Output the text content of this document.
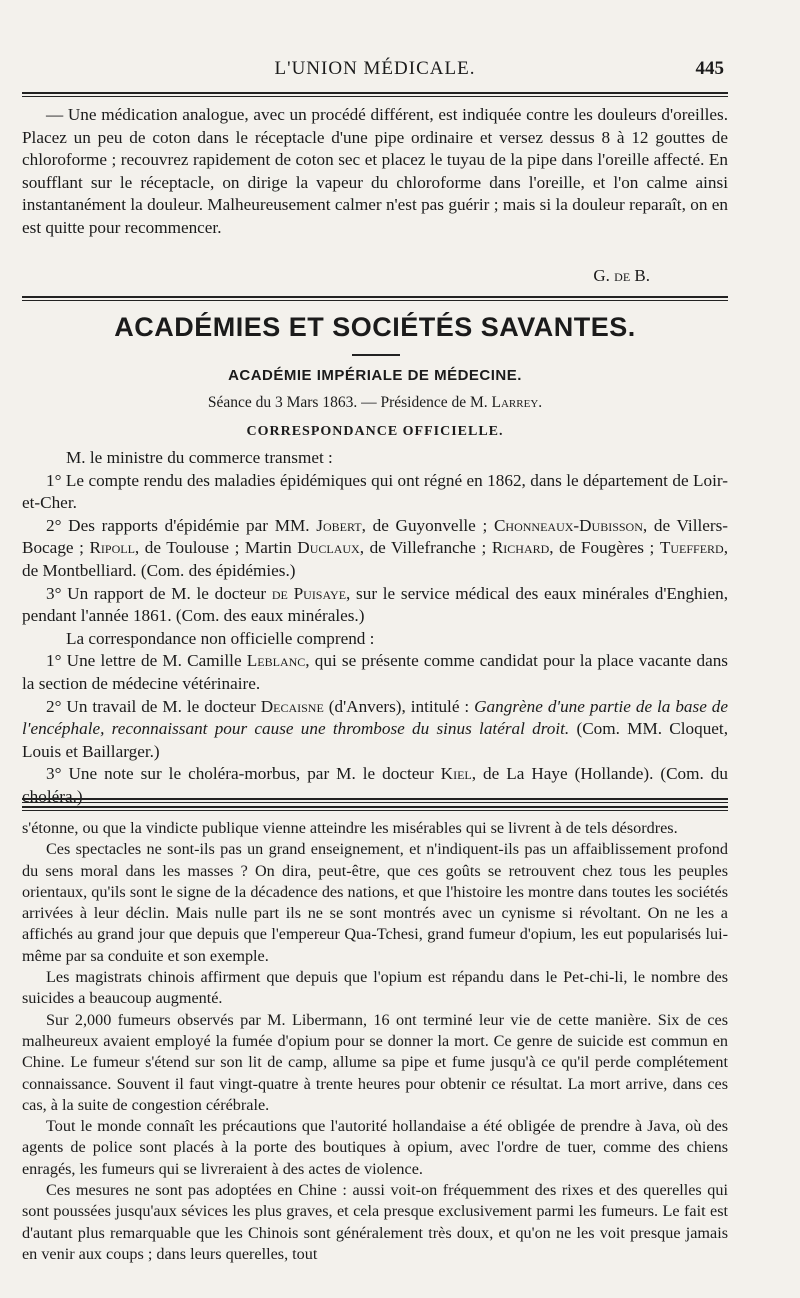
L'UNION MÉDICALE.	445

— Une médication analogue, avec un procédé différent, est indiquée contre les douleurs d'oreilles. Placez un peu de coton dans le réceptacle d'une pipe ordinaire et versez dessus 8 à 12 gouttes de chloroforme ; recouvrez rapidement de coton sec et placez le tuyau de la pipe dans l'oreille affecté. En soufflant sur le réceptacle, on dirige la vapeur du chloroforme dans l'oreille, et l'on calme ainsi instantanément la douleur. Malheureusement calmer n'est pas guérir ; mais si la douleur reparaît, on en est quitte pour recommencer.

G. de B.
ACADÉMIES ET SOCIÉTÉS SAVANTES.
ACADÉMIE IMPÉRIALE DE MÉDECINE.
Séance du 3 Mars 1863. — Présidence de M. Larrey.
CORRESPONDANCE OFFICIELLE.

M. le ministre du commerce transmet :

1° Le compte rendu des maladies épidémiques qui ont régné en 1862, dans le département de Loir-et-Cher.

2° Des rapports d'épidémie par MM. Jobert, de Guyonvelle ; Chonneaux-Dubisson, de Villers-Bocage ; Ripoll, de Toulouse ; Martin Duclaux, de Villefranche ; Richard, de Fougères ; Tuefferd, de Montbelliard. (Com. des épidémies.)

3° Un rapport de M. le docteur de Puisaye, sur le service médical des eaux minérales d'Enghien, pendant l'année 1861. (Com. des eaux minérales.)

La correspondance non officielle comprend :

1° Une lettre de M. Camille Leblanc, qui se présente comme candidat pour la place vacante dans la section de médecine vétérinaire.

2° Un travail de M. le docteur Decaisne (d'Anvers), intitulé : Gangrène d'une partie de la base de l'encéphale, reconnaissant pour cause une thrombose du sinus latéral droit. (Com. MM. Cloquet, Louis et Baillarger.)

3° Une note sur le choléra-morbus, par M. le docteur Kiel, de La Haye (Hollande). (Com. du choléra.)

s'étonne, ou que la vindicte publique vienne atteindre les misérables qui se livrent à de tels désordres.

Ces spectacles ne sont-ils pas un grand enseignement, et n'indiquent-ils pas un affaiblissement profond du sens moral dans les masses ? On dira, peut-être, que ces goûts se retrouvent chez tous les peuples orientaux, qu'ils sont le signe de la décadence des nations, et que l'histoire les montre dans toutes les sociétés arrivées à leur déclin. Mais nulle part ils ne se sont montrés avec un cynisme si révoltant. On ne les a affichés au grand jour que depuis que l'empereur Qua-Tchesi, grand fumeur d'opium, les eut popularisés lui-même par sa conduite et son exemple.

Les magistrats chinois affirment que depuis que l'opium est répandu dans le Pet-chi-li, le nombre des suicides a beaucoup augmenté.

Sur 2,000 fumeurs observés par M. Libermann, 16 ont terminé leur vie de cette manière. Six de ces malheureux avaient employé la fumée d'opium pour se donner la mort. Ce genre de suicide est commun en Chine. Le fumeur s'étend sur son lit de camp, allume sa pipe et fume jusqu'à ce qu'il perde complétement connaissance. Souvent il faut vingt-quatre à trente heures pour obtenir ce résultat. La mort arrive, dans ces cas, à la suite de congestion cérébrale.

Tout le monde connaît les précautions que l'autorité hollandaise a été obligée de prendre à Java, où des agents de police sont placés à la porte des boutiques à opium, avec l'ordre de tuer, comme des chiens enragés, les fumeurs qui se livreraient à des actes de violence.

Ces mesures ne sont pas adoptées en Chine : aussi voit-on fréquemment des rixes et des querelles qui sont poussées jusqu'aux sévices les plus graves, et cela presque exclusivement parmi les fumeurs. Le fait est d'autant plus remarquable que les Chinois sont généralement très doux, et qu'on ne les voit presque jamais en venir aux coups ; dans leurs querelles, tout
